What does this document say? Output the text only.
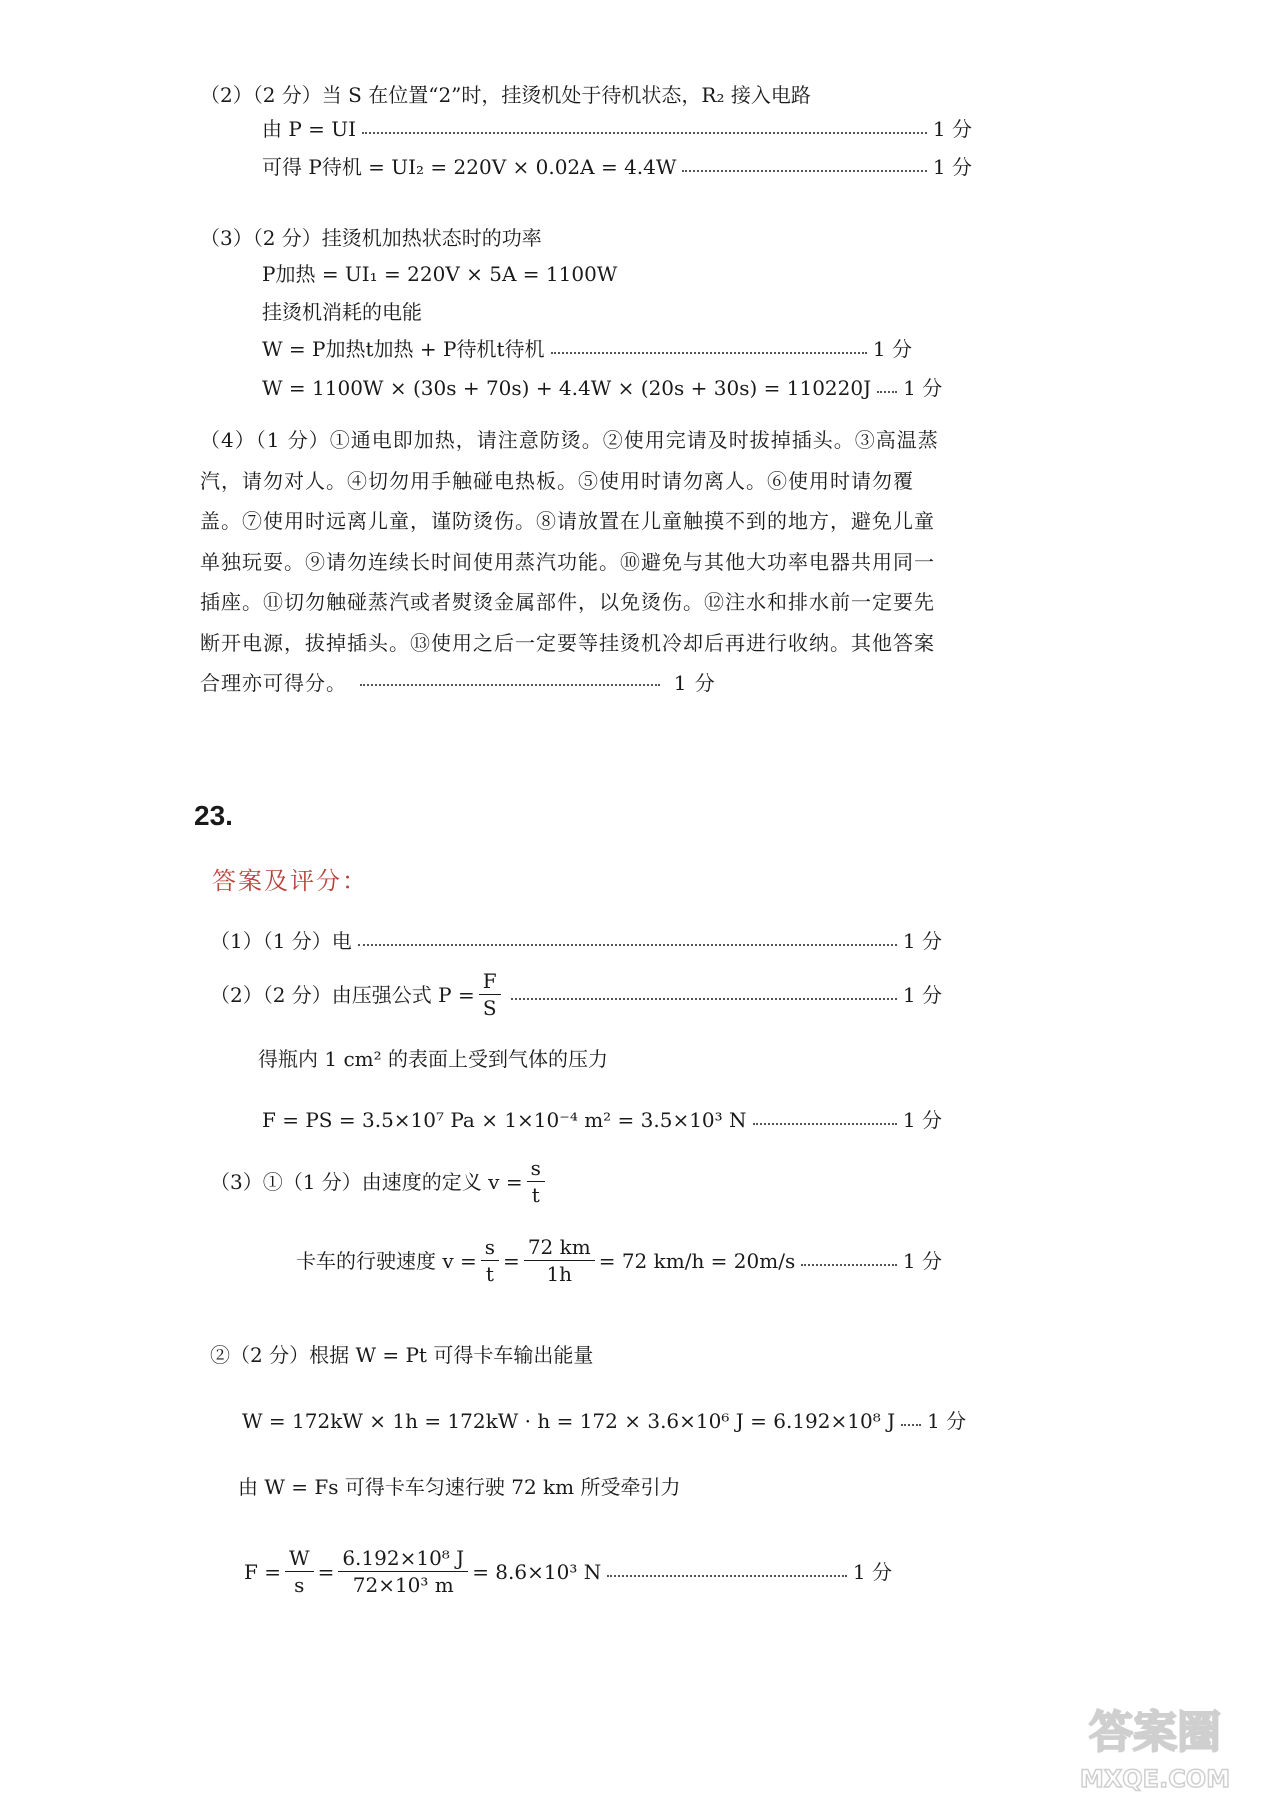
（2）（2 分）当 S 在位置“2”时，挂烫机处于待机状态，R₂ 接入电路
由 P = UI	1 分
可得 P待机 = UI₂ = 220V × 0.02A = 4.4W	1 分
（3）（2 分）挂烫机加热状态时的功率
P加热 = UI₁ = 220V × 5A = 1100W
挂烫机消耗的电能
W = P加热t加热 + P待机t待机	1 分
W = 1100W × (30s + 70s) + 4.4W × (20s + 30s) = 110220J 1 分
（4）（1 分）①通电即加热，请注意防烫。②使用完请及时拔掉插头。③高温蒸汽，请勿对人。④切勿用手触碰电热板。⑤使用时请勿离人。⑥使用时请勿覆盖。⑦使用时远离儿童，谨防烫伤。⑧请放置在儿童触摸不到的地方，避免儿童单独玩耍。⑨请勿连续长时间使用蒸汽功能。⑩避免与其他大功率电器共用同一插座。⑪切勿触碰蒸汽或者熨烫金属部件，以免烫伤。⑫注水和排水前一定要先断开电源，拔掉插头。⑬使用之后一定要等挂烫机冷却后再进行收纳。其他答案合理亦可得分。	1 分
23.
答案及评分：
（1）（1 分）电	1 分
（2）（2 分）由压强公式 $P = \frac{F}{S}$	1 分
得瓶内 1 cm² 的表面上受到气体的压力
F = PS = 3.5×10⁷ Pa × 1×10⁻⁴ m² = 3.5×10³ N	1 分
（3）①（1 分）由速度的定义 $v = \frac{s}{t}$
卡车的行驶速度 $v = \frac{s}{t} = \frac{72 km}{1h} = 72$ km/h = 20m/s	1 分
②（2 分）根据 W = Pt 可得卡车输出能量
W = 172kW × 1h = 172kW · h = 172 × 3.6×10⁶ J = 6.192×10⁸ J 1 分
由 W = Fs 可得卡车匀速行驶 72 km 所受牵引力
$F = \frac{W}{s} = \frac{\text{6.192×10⁸ J}}{\text{72×10³ m}} = 8.6\times 10^3$ N	1 分
答案圈
MXQE.COM
